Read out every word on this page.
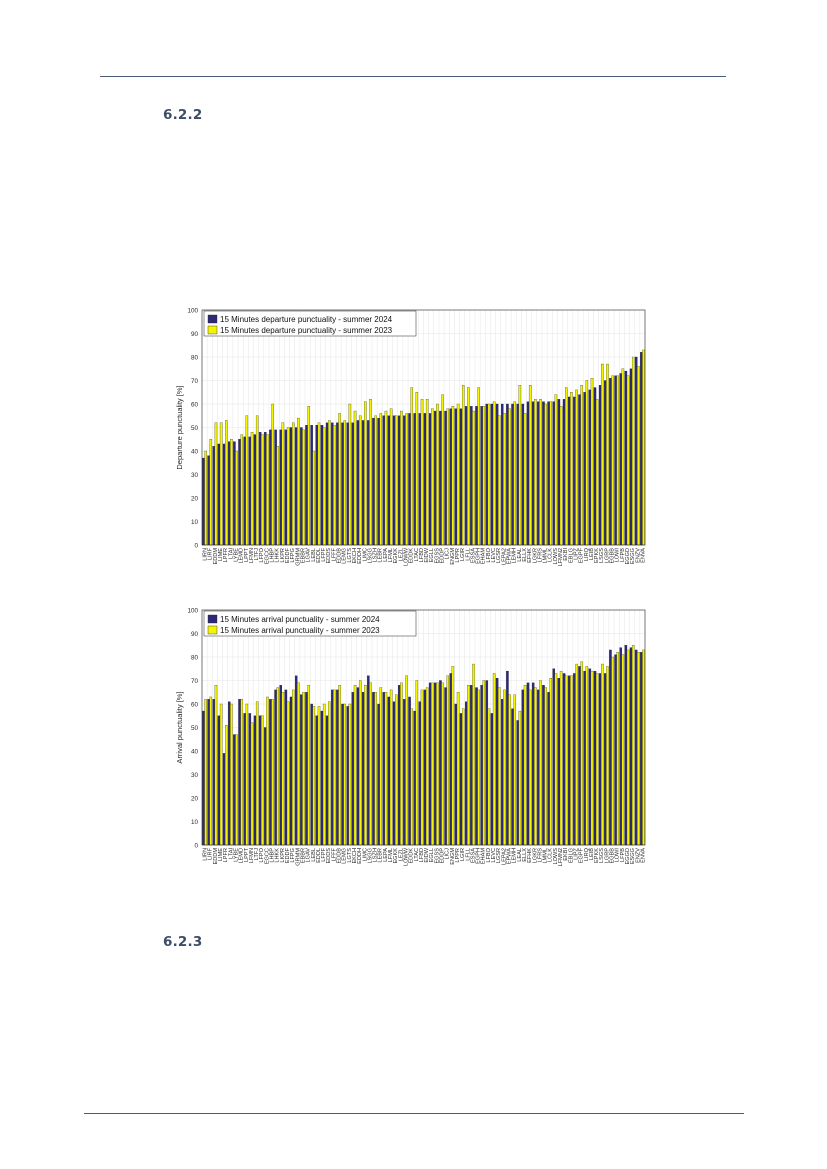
6.2.2
0
10
20
30
40
50
60
70
80
90
100
LIRN LIRF EDDM LIME LPFR LTAI LYBE LEMD LPPT LFMN LTFJ LFPO EGCC LHBP LHKK LKPR EDDF LFPG GRMM EBBR LGAV LEBL EDDL LFPF EDDS LFFF EDDB LEMG LGTS EKCH EDDH LIMC LSGG LSZH LEBR LEPA LFML EGKK LEZL LOWW EDDK LTAC LFBD EIDW EGLL EGSS EDDP LICJ ENGM LPPR LGIR LFLL ESSA EGPH EHAM LFBO LEVC LGSR LEPA2 EPWA LEMH LEAL ELLX EFHK LGKR LFRS LMML LCLK LOWS LFMN2 EKBI EBLG LIPZ EGPF LIRQ LEIB EPKK LSGS LGRP EGBB LOWI LFPB EGGD ESGG ENZV ENVA
Departure punctuality [%]
15 Minutes departure punctuality - summer 2024
15 Minutes departure punctuality - summer 2023
0
10
20
30
40
50
60
70
80
90
100
LIRN LIRF EDDM LIME LPFR LTAI LYBE LEMD LPPT LFMN LTFJ LFPO EGCC LHBP LHKK LKPR EDDF LFPG GRMM EBBR LGAV LEBL EDDL LFPF EDDS LFFF EDDB LEMG LGTS EKCH EDDH LIMC LSGG LSZH LEBR LEPA LFML EGKK LEZL LOWW EDDK LTAC LFBD EIDW EGLL EGSS EDDP LICJ ENGM LPPR LGIR LFLL ESSA EGPH EHAM LFBO LEVC LGSR LEPA2 EPWA LEMH LEAL ELLX EFHK LGKR LFRS LMML LCLK LOWS LFMN2 EKBI EBLG LIPZ EGPF LIRQ LEIB EPKK LSGS LGRP EGBB LOWI LFPB EGGD ESGG ENZV ENVA
Arrival punctuality [%]
15 Minutes arrival punctuality - summer 2024
15 Minutes arrival punctuality - summer 2023
6.2.3
